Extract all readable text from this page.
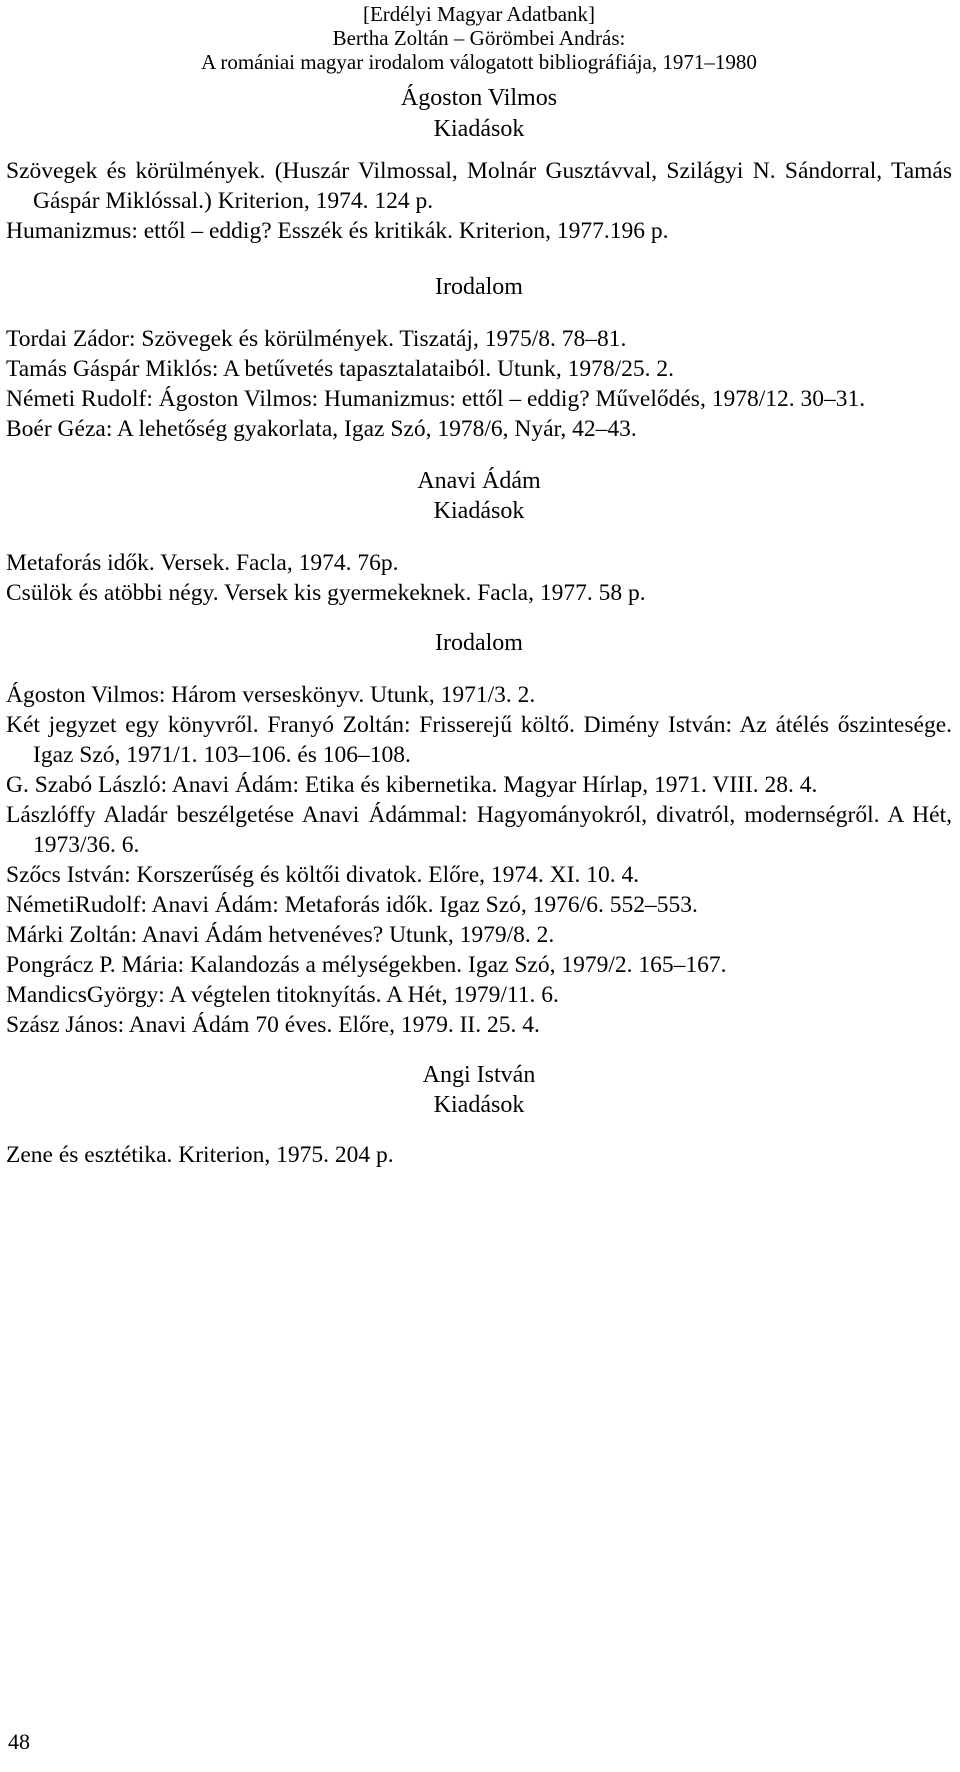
[Erdélyi Magyar Adatbank]
Bertha Zoltán – Görömbei András:
A romániai magyar irodalom válogatott bibliográfiája, 1971–1980
Ágoston Vilmos
Kiadások
Szövegek és körülmények. (Huszár Vilmossal, Molnár Gusztávval, Szilágyi N. Sándorral, Tamás Gáspár Miklóssal.) Kriterion, 1974. 124 p.
Humanizmus: ettől – eddig? Esszék és kritikák. Kriterion, 1977.196 p.
Irodalom
Tordai Zádor: Szövegek és körülmények. Tiszatáj, 1975/8. 78–81.
Tamás Gáspár Miklós: A betűvetés tapasztalataiból. Utunk, 1978/25. 2.
Németi Rudolf: Ágoston Vilmos: Humanizmus: ettől – eddig? Művelődés, 1978/12. 30–31.
Boér Géza: A lehetőség gyakorlata, Igaz Szó, 1978/6, Nyár, 42–43.
Anavi Ádám
Kiadások
Metaforás idők. Versek. Facla, 1974. 76p.
Csülök és atöbbi négy. Versek kis gyermekeknek. Facla, 1977. 58 p.
Irodalom
Ágoston Vilmos: Három verseskönyv. Utunk, 1971/3. 2.
Két jegyzet egy könyvről. Franyó Zoltán: Frisserejű költő. Dimény István: Az átélés őszintesége. Igaz Szó, 1971/1. 103–106. és 106–108.
G. Szabó László: Anavi Ádám: Etika és kibernetika. Magyar Hírlap, 1971. VIII. 28. 4.
Lászlóffy Aladár beszélgetése Anavi Ádámmal: Hagyományokról, divatról, modernségről. A Hét, 1973/36. 6.
Szőcs István: Korszerűség és költői divatok. Előre, 1974. XI. 10. 4.
NémetiRudolf: Anavi Ádám: Metaforás idők. Igaz Szó, 1976/6. 552–553.
Márki Zoltán: Anavi Ádám hetvenéves? Utunk, 1979/8. 2.
Pongrácz P. Mária: Kalandozás a mélységekben. Igaz Szó, 1979/2. 165–167.
MandicsGyörgy: A végtelen titoknyítás. A Hét, 1979/11. 6.
Szász János: Anavi Ádám 70 éves. Előre, 1979. II. 25. 4.
Angi István
Kiadások
Zene és esztétika. Kriterion, 1975. 204 p.
48
